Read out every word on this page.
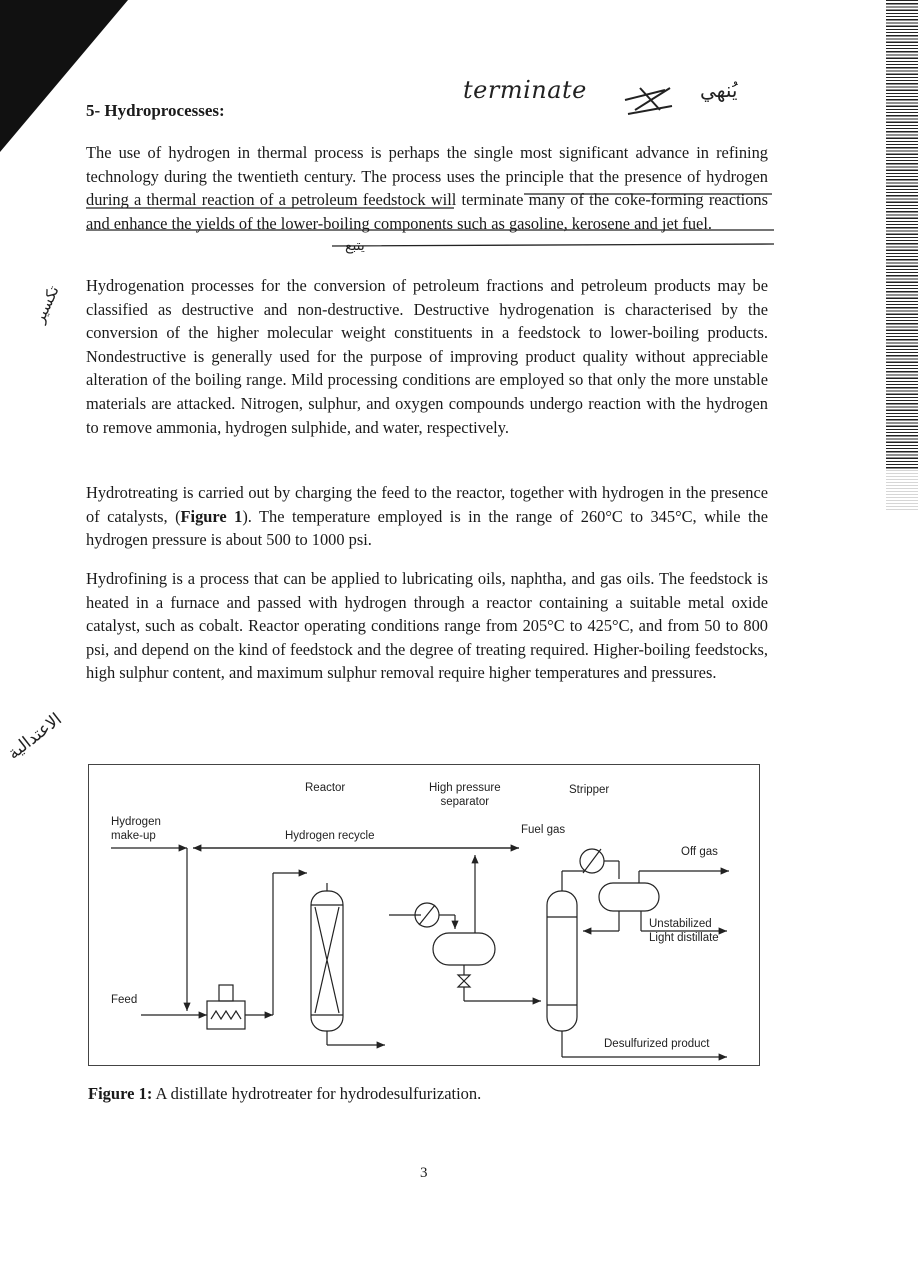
terminate	يُنهي
يتبع
تكسير
الاعتدالية
5- Hydroprocesses:

The use of hydrogen in thermal process is perhaps the single most significant advance in refining technology during the twentieth century. The process uses the principle that the presence of hydrogen during a thermal reaction of a petroleum feedstock will terminate many of the coke-forming reactions and enhance the yields of the lower-boiling components such as gasoline, kerosene and jet fuel.

Hydrogenation processes for the conversion of petroleum fractions and petroleum products may be classified as destructive and non-destructive. Destructive hydrogenation is characterised by the conversion of the higher molecular weight constituents in a feedstock to lower-boiling products. Nondestructive is generally used for the purpose of improving product quality without appreciable alteration of the boiling range. Mild processing conditions are employed so that only the more unstable materials are attacked. Nitrogen, sulphur, and oxygen compounds undergo reaction with the hydrogen to remove ammonia, hydrogen sulphide, and water, respectively.

Hydrotreating is carried out by charging the feed to the reactor, together with hydrogen in the presence of catalysts, (Figure 1). The temperature employed is in the range of 260°C to 345°C, while the hydrogen pressure is about 500 to 1000 psi.

Hydrofining is a process that can be applied to lubricating oils, naphtha, and gas oils. The feedstock is heated in a furnace and passed with hydrogen through a reactor containing a suitable metal oxide catalyst, such as cobalt. Reactor operating conditions range from 205°C to 425°C, and from 50 to 800 psi, and depend on the kind of feedstock and the degree of treating required. Higher-boiling feedstocks, high sulphur content, and maximum sulphur removal require higher temperatures and pressures.

Reactor	High pressure
separator
Stripper
Hydrogen
make-up	Hydrogen recycle	Fuel gas
Off gas
Unstabilized
Light distillate
Feed
Desulfurized product

Figure 1: A distillate hydrotreater for hydrodesulfurization.

3
